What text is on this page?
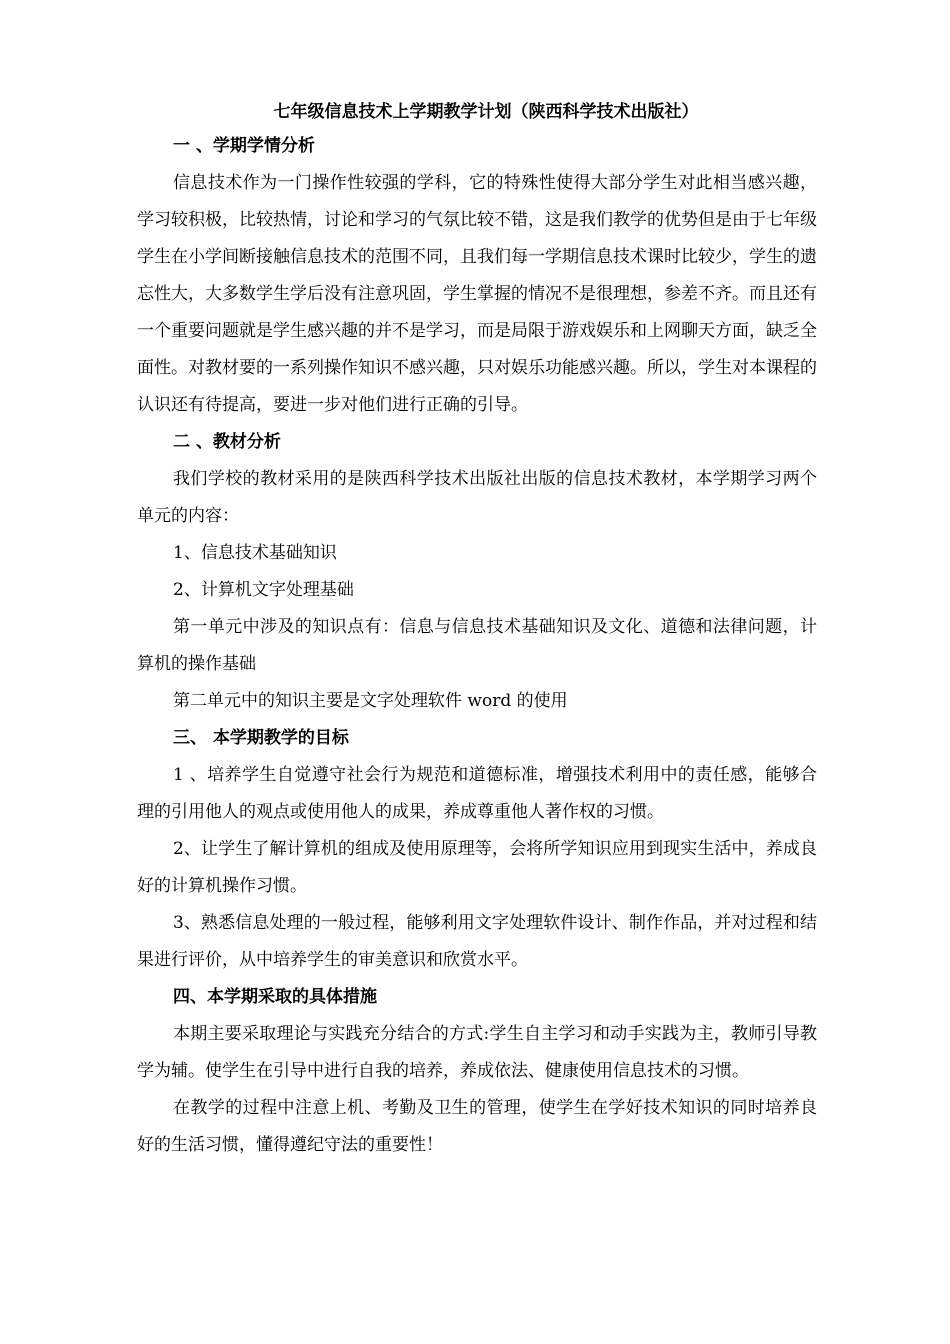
七年级信息技术上学期教学计划（陕西科学技术出版社）

一 、学期学情分析

信息技术作为一门操作性较强的学科，它的特殊性使得大部分学生对此相当感兴趣，学习较积极，比较热情，讨论和学习的气氛比较不错，这是我们教学的优势但是由于七年级学生在小学间断接触信息技术的范围不同，且我们每一学期信息技术课时比较少，学生的遗忘性大，大多数学生学后没有注意巩固，学生掌握的情况不是很理想，参差不齐。而且还有一个重要问题就是学生感兴趣的并不是学习，而是局限于游戏娱乐和上网聊天方面，缺乏全面性。对教材要的一系列操作知识不感兴趣，只对娱乐功能感兴趣。所以，学生对本课程的认识还有待提高，要进一步对他们进行正确的引导。

二 、教材分析

我们学校的教材采用的是陕西科学技术出版社出版的信息技术教材，本学期学习两个单元的内容：

1、信息技术基础知识

2、计算机文字处理基础

第一单元中涉及的知识点有：信息与信息技术基础知识及文化、道德和法律问题，计算机的操作基础

第二单元中的知识主要是文字处理软件 word 的使用

三、 本学期教学的目标

1 、培养学生自觉遵守社会行为规范和道德标准，增强技术利用中的责任感，能够合理的引用他人的观点或使用他人的成果，养成尊重他人著作权的习惯。

2、让学生了解计算机的组成及使用原理等，会将所学知识应用到现实生活中，养成良好的计算机操作习惯。

3、熟悉信息处理的一般过程，能够利用文字处理软件设计、制作作品，并对过程和结果进行评价，从中培养学生的审美意识和欣赏水平。

四、本学期采取的具体措施

本期主要采取理论与实践充分结合的方式:学生自主学习和动手实践为主，教师引导教学为辅。使学生在引导中进行自我的培养，养成依法、健康使用信息技术的习惯。

在教学的过程中注意上机、考勤及卫生的管理，使学生在学好技术知识的同时培养良好的生活习惯，懂得遵纪守法的重要性！
